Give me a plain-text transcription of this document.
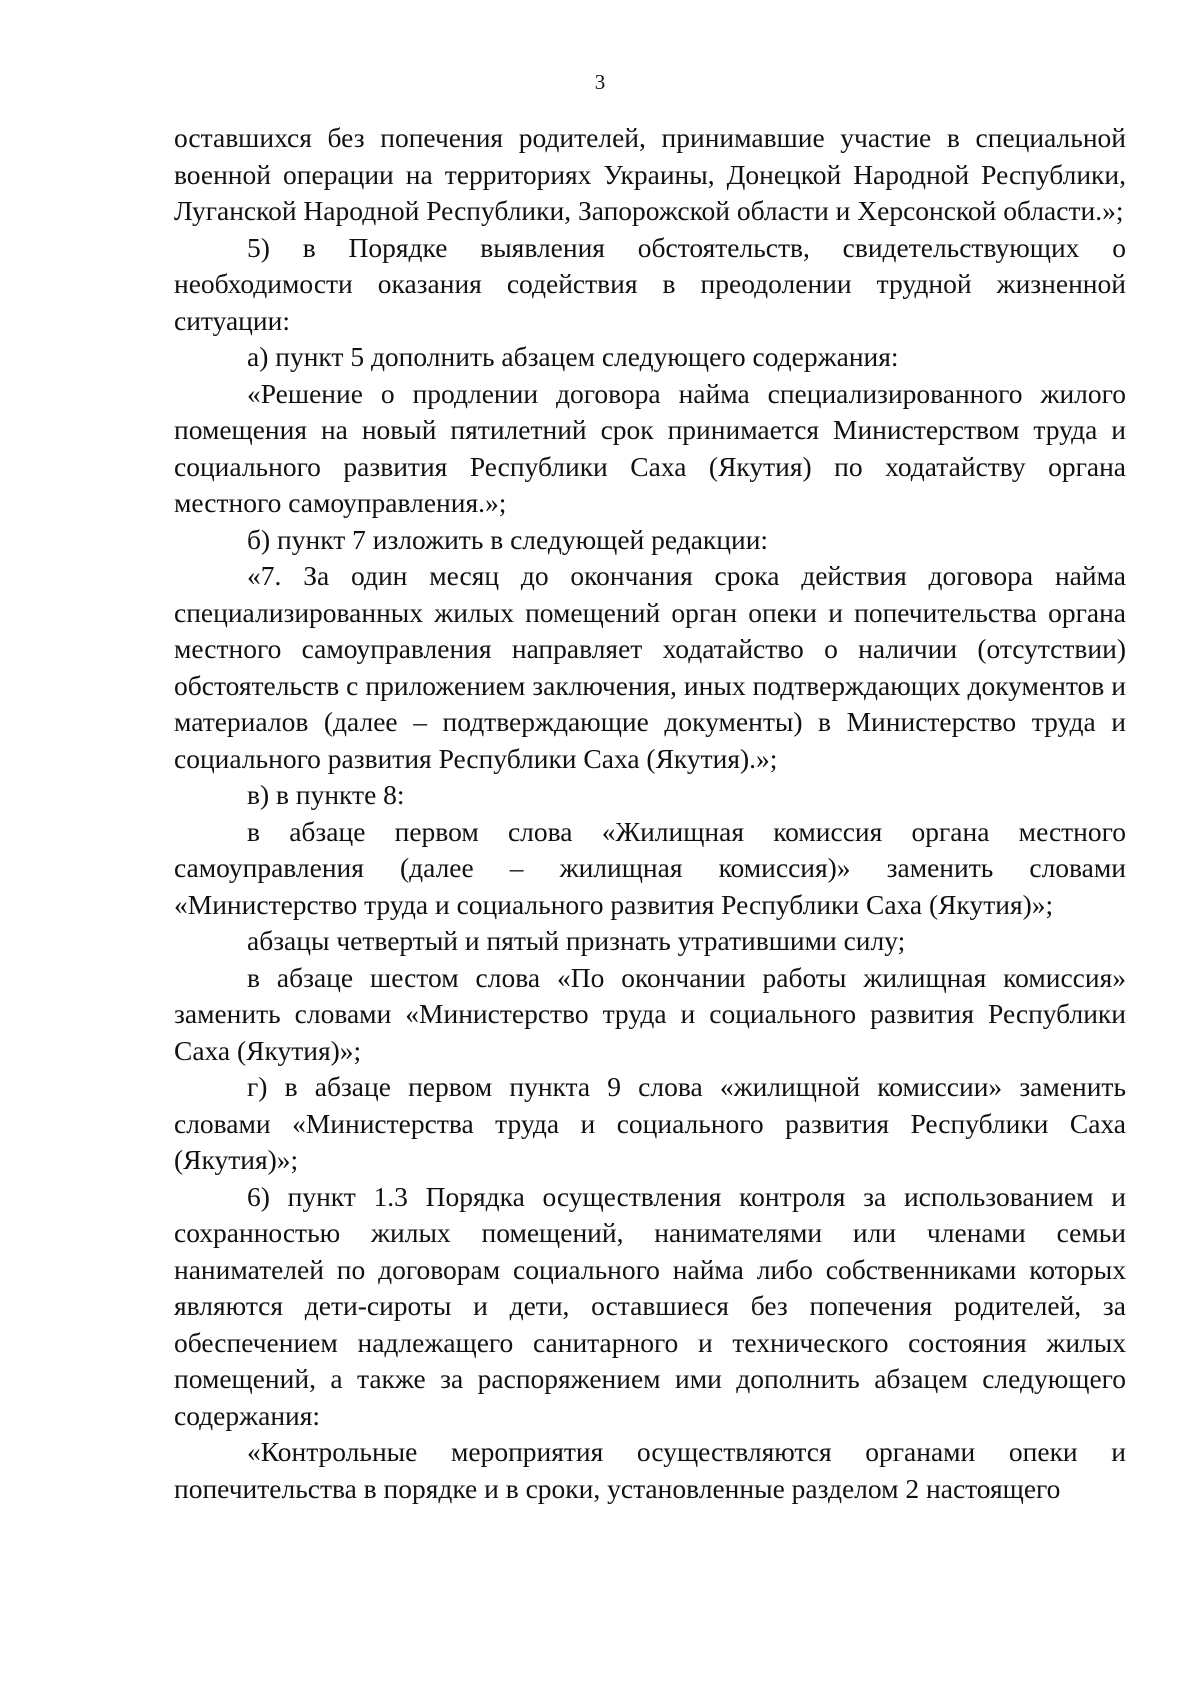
3

оставшихся без попечения родителей, принимавшие участие в специальной военной операции на территориях Украины, Донецкой Народной Республики, Луганской Народной Республики, Запорожской области и Херсонской области.»;

5) в Порядке выявления обстоятельств, свидетельствующих о необходимости оказания содействия в преодолении трудной жизненной ситуации:

а) пункт 5 дополнить абзацем следующего содержания:

«Решение о продлении договора найма специализированного жилого помещения на новый пятилетний срок принимается Министерством труда и социального развития Республики Саха (Якутия) по ходатайству органа местного самоуправления.»;

б) пункт 7 изложить в следующей редакции:

«7. За один месяц до окончания срока действия договора найма специализированных жилых помещений орган опеки и попечительства органа местного самоуправления направляет ходатайство о наличии (отсутствии) обстоятельств с приложением заключения, иных подтверждающих документов и материалов (далее – подтверждающие документы) в Министерство труда и социального развития Республики Саха (Якутия).»;

в) в пункте 8:

в абзаце первом слова «Жилищная комиссия органа местного самоуправления (далее – жилищная комиссия)» заменить словами «Министерство труда и социального развития Республики Саха (Якутия)»;

абзацы четвертый и пятый признать утратившими силу;

в абзаце шестом слова «По окончании работы жилищная комиссия» заменить словами «Министерство труда и социального развития Республики Саха (Якутия)»;

г) в абзаце первом пункта 9 слова «жилищной комиссии» заменить словами «Министерства труда и социального развития Республики Саха (Якутия)»;

6) пункт 1.3 Порядка осуществления контроля за использованием и сохранностью жилых помещений, нанимателями или членами семьи нанимателей по договорам социального найма либо собственниками которых являются дети-сироты и дети, оставшиеся без попечения родителей, за обеспечением надлежащего санитарного и технического состояния жилых помещений, а также за распоряжением ими дополнить абзацем следующего содержания:

«Контрольные мероприятия осуществляются органами опеки и попечительства в порядке и в сроки, установленные разделом 2 настоящего
